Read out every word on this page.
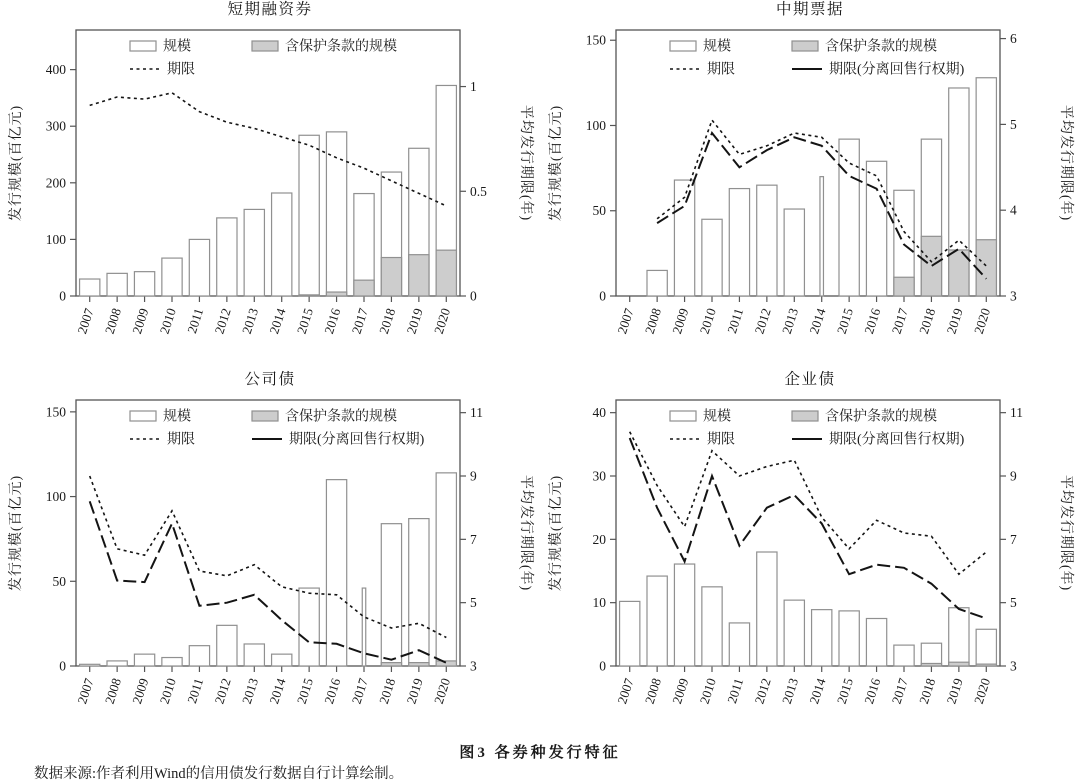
短期融资券
0
100
200
300
400
0
0.5
1
2007 2008 2009 2010 2011 2012 2013 2014 2015 2016 2017 2018 2019 2020
规模	含保护条款的规模
期限
发行规模(百亿元)	平均发行期限(年)
中期票据
0
50
100
150
3
4
5
6
2007 2008 2009 2010 2011 2012 2013 2014 2015 2016 2017 2018 2019 2020
规模	含保护条款的规模
期限	期限(分离回售行权期)
发行规模(百亿元)	平均发行期限(年)
公司债
0
50
100
150
3
5
7
9
11
2007 2008 2009 2010 2011 2012 2013 2014 2015 2016 2017 2018 2019 2020
规模	含保护条款的规模
期限	期限(分离回售行权期)
发行规模(百亿元)	平均发行期限(年)
企业债
0
10
20
30
40
3
5
7
9
11
2007 2008 2009 2010 2011 2012 2013 2014 2015 2016 2017 2018 2019 2020
规模	含保护条款的规模
期限	期限(分离回售行权期)
发行规模(百亿元)	平均发行期限(年)
图3 各券种发行特征
数据来源:作者利用Wind的信用债发行数据自行计算绘制。
